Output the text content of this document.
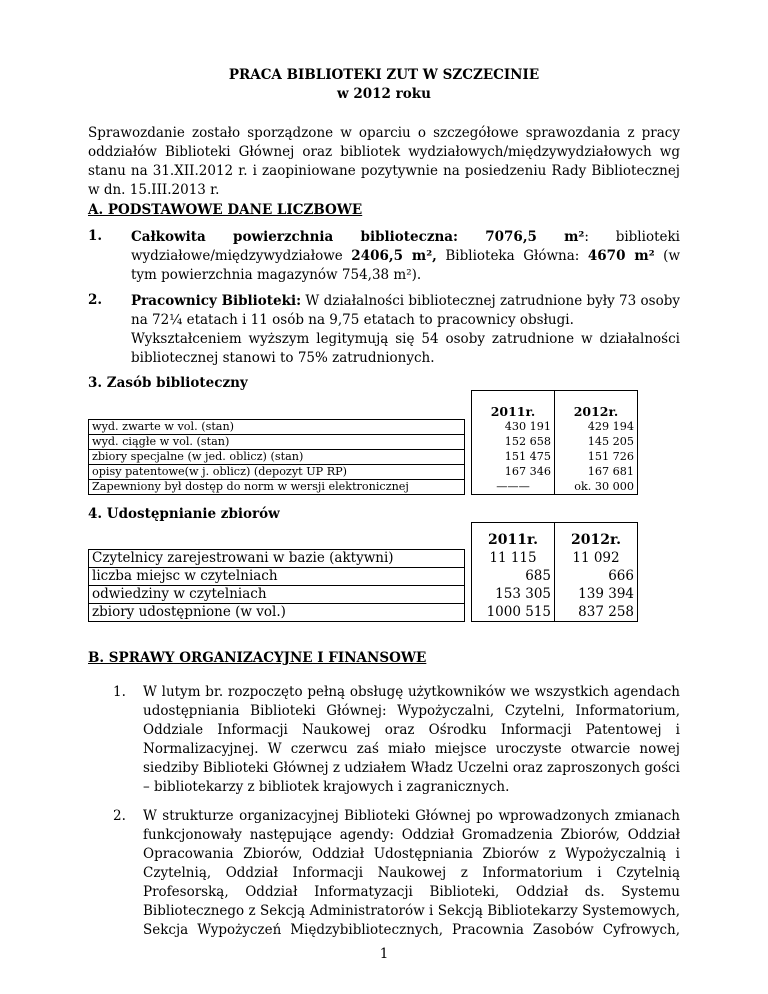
PRACA BIBLIOTEKI ZUT W SZCZECINIE
w 2012 roku

Sprawozdanie zostało sporządzone w oparciu o szczegółowe sprawozdania z pracy oddziałów Biblioteki Głównej oraz bibliotek wydziałowych/międzywydziałowych wg stanu na 31.XII.2012 r. i zaopiniowane pozytywnie na posiedzeniu Rady Bibliotecznej w dn. 15.III.2013 r.

A. PODSTAWOWE DANE LICZBOWE
1. Całkowita powierzchnia biblioteczna: 7076,5 m²: biblioteki wydziałowe/międzywydziałowe 2406,5 m², Biblioteka Główna: 4670 m² (w tym powierzchnia magazynów 754,38 m²).

2. Pracownicy Biblioteki: W działalności bibliotecznej zatrudnione były 73 osoby na 72¼ etatach i 11 osób na 9,75 etatach to pracownicy obsługi.

Wykształceniem wyższym legitymują się 54 osoby zatrudnione w działalności bibliotecznej stanowi to 75% zatrudnionych.

3. Zasób biblioteczny
		2011r.	2012r.
wyd. zwarte w vol. (stan)		430 191	429 194
wyd. ciągłe w vol. (stan)		152 658	145 205
zbiory specjalne (w jed. oblicz) (stan)		151 475	151 726
opisy patentowe(w j. oblicz) (depozyt UP RP)		167 346	167 681
Zapewniony był dostęp do norm w wersji elektronicznej		———	ok. 30 000
4. Udostępnianie zbiorów
		2011r.	2012r.
Czytelnicy zarejestrowani w bazie (aktywni)		11 115	11 092
liczba miejsc w czytelniach		685	666
odwiedziny w czytelniach		153 305	139 394
zbiory udostępnione (w vol.)		1000 515	837 258
B. SPRAWY ORGANIZACYJNE I FINANSOWE
1. W lutym br. rozpoczęto pełną obsługę użytkowników we wszystkich agendach udostępniania Biblioteki Głównej: Wypożyczalni, Czytelni, Informatorium, Oddziale Informacji Naukowej oraz Ośrodku Informacji Patentowej i Normalizacyjnej. W czerwcu zaś miało miejsce uroczyste otwarcie nowej siedziby Biblioteki Głównej z udziałem Władz Uczelni oraz zaproszonych gości – bibliotekarzy z bibliotek krajowych i zagranicznych.

2. W strukturze organizacyjnej Biblioteki Głównej po wprowadzonych zmianach funkcjonowały następujące agendy: Oddział Gromadzenia Zbiorów, Oddział Opracowania Zbiorów, Oddział Udostępniania Zbiorów z Wypożyczalnią i Czytelnią, Oddział Informacji Naukowej z Informatorium i Czytelnią Profesorską, Oddział Informatyzacji Biblioteki, Oddział ds. Systemu Bibliotecznego z Sekcją Administratorów i Sekcją Bibliotekarzy Systemowych, Sekcja Wypożyczeń Międzybibliotecznych, Pracownia Zasobów Cyfrowych,

1
